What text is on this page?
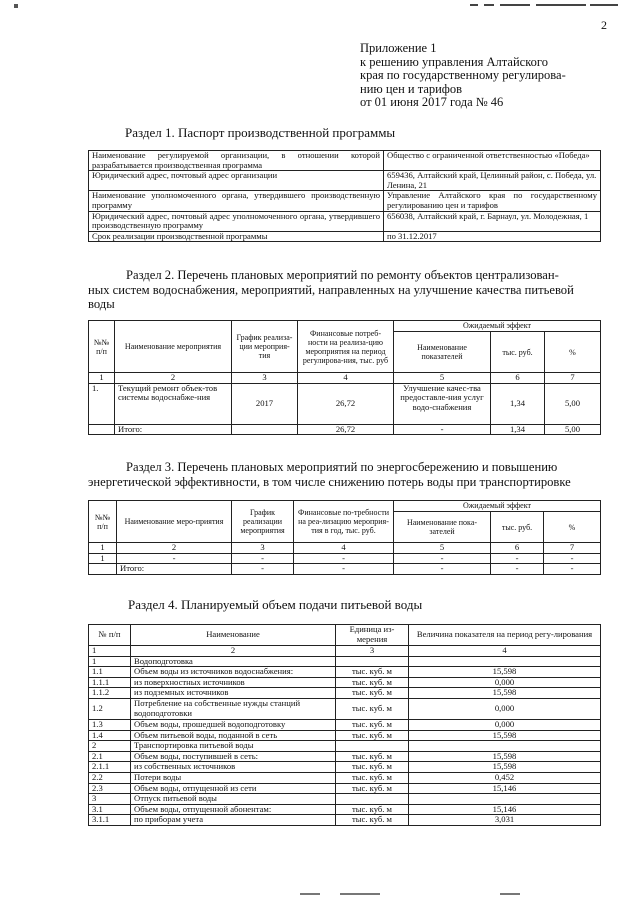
2
Приложение 1
к решению управления Алтайского
края по государственному регулирова-
нию цен и тарифов
от 01 июня 2017 года № 46
Раздел 1. Паспорт производственной программы
Наименование регулируемой организации, в отношении которой разрабатывается производственная программа	Общество с ограниченной ответственностью «Победа»
Юридический адрес, почтовый адрес организации	659436, Алтайский край, Целинный район, с. Победа, ул. Ленина, 21
Наименование уполномоченного органа, утвердившего производственную программу	Управление Алтайского края по государственному регулированию цен и тарифов
Юридический адрес, почтовый адрес уполномоченного органа, утвердившего производственную программу	656038, Алтайский край, г. Барнаул, ул. Молодежная, 1
Срок реализации производственной программы	по 31.12.2017
Раздел 2. Перечень плановых мероприятий по ремонту объектов централизован-
ных систем водоснабжения, мероприятий, направленных на улучшение качества питьевой
воды
№№ п/п	Наименование мероприятия	График реализа-ции мероприя-тия	Финансовые потреб-ности на реализа-цию мероприятия на период регулирова-ния, тыс. руб	Ожидаемый эффект		
				Наименование показателей	тыс. руб.	%
1	2	3	4	5	6	7
1.	Текущий ремонт объек-тов системы водоснабже-ния	2017	26,72	Улучшение качес-тва предоставле-ния услуг водо-снабжения	1,34	5,00
	Итого:		26,72	-	1,34	5,00
Раздел 3. Перечень плановых мероприятий по энергосбережению и повышению
энергетической эффективности, в том числе снижению потерь воды при транспортировке
№№ п/п	Наименование меро-приятия	График реализации мероприятия	Финансовые по-требности на реа-лизацию мероприя-тия в год, тыс. руб.	Ожидаемый эффект		
				Наименование пока-зателей	тыс. руб.	%
1	2	3	4	5	6	7
1	-	-	-	-	-	-
	Итого:	-	-	-	-	-
Раздел 4. Планируемый объем подачи питьевой воды
№ п/п	Наименование	Единица из-мерения	Величина показателя на период регу-лирования
1	2	3	4
1	Водоподготовка		
1.1	Объем воды из источников водоснабжения:	тыс. куб. м	15,598
1.1.1	из поверхностных источников	тыс. куб. м	0,000
1.1.2	из подземных источников	тыс. куб. м	15,598
1.2	Потребление на собственные нужды станций водоподготовки	тыс. куб. м	0,000
1.3	Объем воды, прошедшей водоподготовку	тыс. куб. м	0,000
1.4	Объем питьевой воды, поданной в сеть	тыс. куб. м	15,598
2	Транспортировка питьевой воды		
2.1	Объем воды, поступившей в сеть:	тыс. куб. м	15,598
2.1.1	из собственных источников	тыс. куб. м	15,598
2.2	Потери воды	тыс. куб. м	0,452
2.3	Объем воды, отпущенной из сети	тыс. куб. м	15,146
3	Отпуск питьевой воды		
3.1	Объем воды, отпущенной абонентам:	тыс. куб. м	15,146
3.1.1	по приборам учета	тыс. куб. м	3,031
